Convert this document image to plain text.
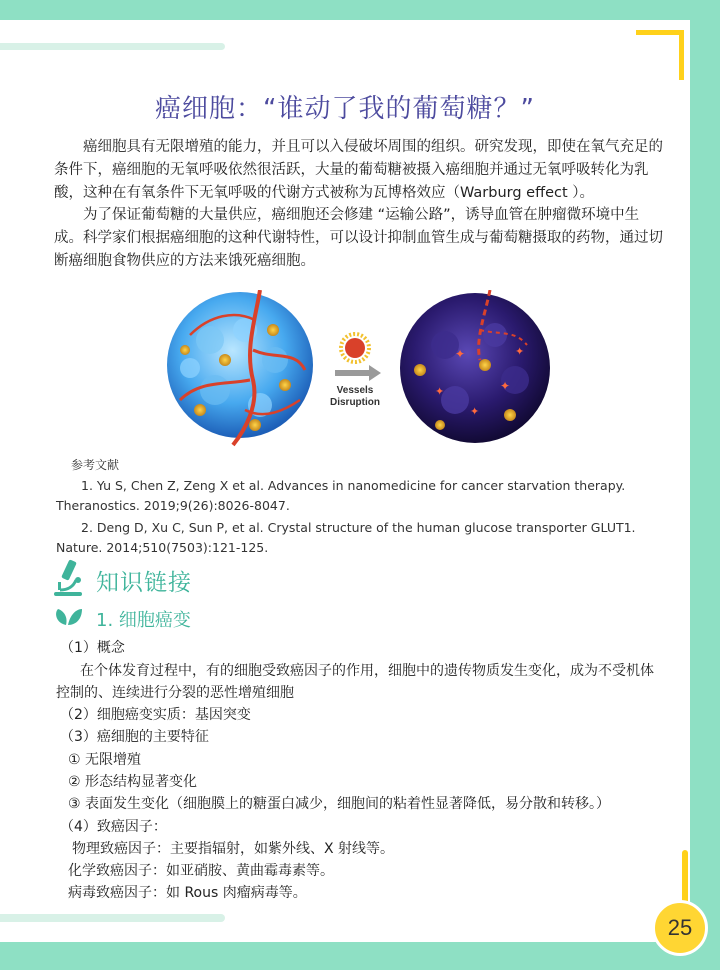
癌细胞：“谁动了我的葡萄糖？”

癌细胞具有无限增殖的能力，并且可以入侵破坏周围的组织。研究发现，即使在氧气充足的条件下，癌细胞的无氧呼吸依然很活跃，大量的葡萄糖被摄入癌细胞并通过无氧呼吸转化为乳酸，这种在有氧条件下无氧呼吸的代谢方式被称为瓦博格效应（Warburg effect ）。

为了保证葡萄糖的大量供应，癌细胞还会修建 “运输公路”，诱导血管在肿瘤微环境中生成。科学家们根据癌细胞的这种代谢特性，可以设计抑制血管生成与葡萄糖摄取的药物，通过切断癌细胞食物供应的方法来饿死癌细胞。

Vessels
Disruption
✦
✦
✦
✦
✦
参考文献

1. Yu S, Chen Z, Zeng X et al. Advances in nanomedicine for cancer starvation therapy. Theranostics. 2019;9(26):8026-8047.

2. Deng D, Xu C, Sun P, et al. Crystal structure of the human glucose transporter GLUT1. Nature. 2014;510(7503):121-125.

知识链接
1. 细胞癌变

（1）概念

在个体发育过程中，有的细胞受致癌因子的作用，细胞中的遗传物质发生变化，成为不受机体

控制的、连续进行分裂的恶性增殖细胞

（2）细胞癌变实质：基因突变

（3）癌细胞的主要特征

① 无限增殖

② 形态结构显著变化

③ 表面发生变化（细胞膜上的糖蛋白减少，细胞间的粘着性显著降低，易分散和转移。）

（4）致癌因子：

物理致癌因子：主要指辐射，如紫外线、X 射线等。

化学致癌因子：如亚硝胺、黄曲霉毒素等。

病毒致癌因子：如 Rous 肉瘤病毒等。

25
